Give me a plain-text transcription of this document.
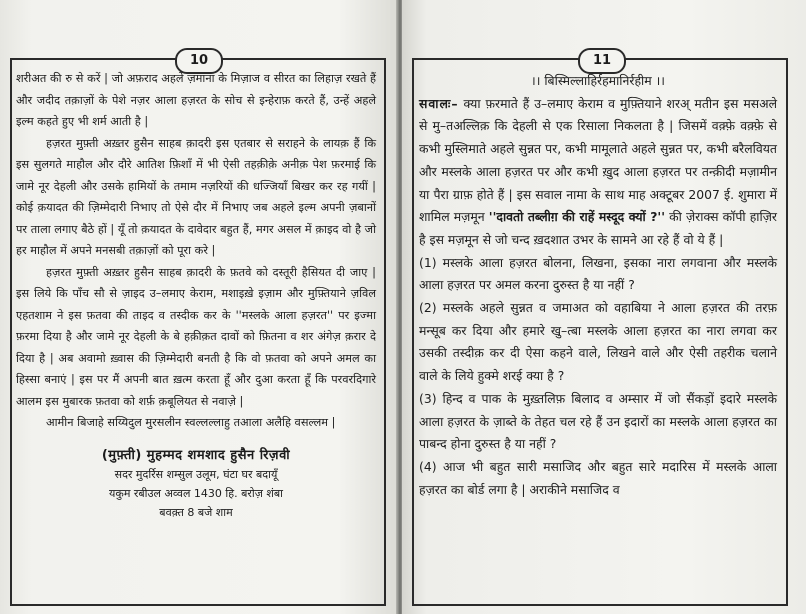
10

शरीअत की रु से करें | जो अफ़राद अहले ज़माना के मिज़ाज व सीरत का लिहाज़ रखते हैं और जदीद तक़ाज़ों के पेशे नज़र आला हज़रत के सोच से इन्हेराफ़ करते हैं, उन्हें अहले इल्म कहते हुए भी शर्म आती है |

हज़रत मुफ़्ती अख़्तर हुसैन साहब क़ादरी इस एतबार से सराहने के लायक़ हैं कि इस सुलगते माहौल और दौरे आतिश फ़िशाँ में भी ऐसी तहक़ीक़े अनीक़ पेश फ़रमाई कि जामे नूर देहली और उसके हामियों के तमाम नज़रियों की धज्जियाँ बिखर कर रह गयीं | कोई क़यादत की ज़िम्मेदारी निभाए तो ऐसे दौर में निभाए जब अहले इल्म अपनी ज़बानों पर ताला लगाए बैठे हों | यूँ तो क़यादत के दावेदार बहुत हैं, मगर असल में क़ाइद वो है जो हर माहौल में अपने मनसबी तक़ाज़ों को पूरा करे |

हज़रत मुफ़्ती अख़्तर हुसैन साहब क़ादरी के फ़तवे को दस्तूरी हैसियत दी जाए | इस लिये कि पाँच सौ से ज़ाइद उ–लमाए केराम, मशाइख़े इज़ाम और मुफ़्तियाने ज़विल एहतशाम ने इस फ़तवा की ताइद व तस्दीक कर के ''मस्लके आला हज़रत'' पर इज्मा फ़रमा दिया है और जामे नूर देहली के बे हक़ीक़त दावों को फ़ितना व शर अंगेज़ क़रार दे दिया है | अब अवामो ख़्वास की ज़िम्मेदारी बनती है कि वो फ़तवा को अपने अमल का हिस्सा बनाएं | इस पर मैं अपनी बात ख़त्म करता हूँ और दुआ करता हूँ कि परवरदिगारे आलम इस मुबारक फ़तवा को शर्फ़ क़बूलियत से नवाज़े |

आमीन बिजाहे सय्यिदुल मुरसलीन स्वल्लल्लाहु तआला अलैहि वसल्लम |

(मुफ़्ती) मुहम्मद शमशाद हुसैन रिज़वी
सदर मुदर्रिस शम्सुल उलूम, घंटा घर बदायूँ
यकुम रबीउल अव्वल 1430 हि. बरोज़ शंबा
बवक़्त 8 बजे शाम
11

।। बिस्मिल्लाहिर्रहमानिर्रहीम ।।

सवालः– क्या फ़रमाते हैं उ–लमाए केराम व मुफ़्तियाने शरअ् मतीन इस मसअले से मु–तअल्लिक़ कि देहली से एक रिसाला निकलता है | जिसमें वक़्फ़े वक़्फ़े से कभी मुस्लिमाते अहले सुन्नत पर, कभी मामूलाते अहले सुन्नत पर, कभी बरैलवियत और मस्लके आला हज़रत पर और कभी ख़ुद आला हज़रत पर तन्क़ीदी मज़ामीन या पैरा ग्राफ़ होते हैं | इस सवाल नामा के साथ माह अक्टूबर 2007 ई. शुमारा में शामिल मज़मून ''दावतो तब्लीग़ की राहें मस्दूद क्यों ?'' की ज़ेराक्स कॉपी हाज़िर है इस मज़मून से जो चन्द ख़दशात उभर के सामने आ रहे हैं वो ये हैं |

(1) मस्लके आला हज़रत बोलना, लिखना, इसका नारा लगवाना और मस्लके आला हज़रत पर अमल करना दुरुस्त है या नहीं ?

(2) मस्लके अहले सुन्नत व जमाअत को वहाबिया ने आला हज़रत की तरफ़ मन्सूब कर दिया और हमारे खु–त्बा मस्लके आला हज़रत का नारा लगवा कर उसकी तस्दीक़ कर दी ऐसा कहने वाले, लिखने वाले और ऐसी तहरीक चलाने वाले के लिये हुक्मे शरई क्या है ?

(3) हिन्द व पाक के मुख़्तलिफ़ बिलाद व अम्सार में जो सैंकड़ों इदारे मस्लके आला हज़रत के ज़ाब्ते के तेहत चल रहे हैं उन इदारों का मस्लके आला हज़रत का पाबन्द होना दुरुस्त है या नहीं ?

(4) आज भी बहुत सारी मसाजिद और बहुत सारे मदारिस में मस्लके आला हज़रत का बोर्ड लगा है | अराकीने मसाजिद व
